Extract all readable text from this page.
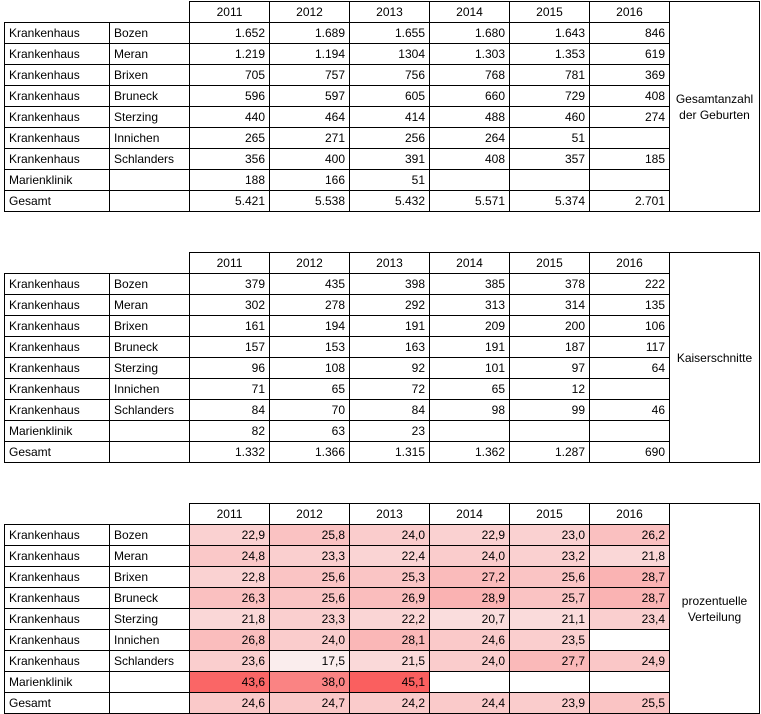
		2011	2012	2013	2014	2015	2016	Gesamtanzahl der Geburten
Krankenhaus	Bozen	1.652	1.689	1.655	1.680	1.643	846	
Krankenhaus	Meran	1.219	1.194	1304	1.303	1.353	619	
Krankenhaus	Brixen	705	757	756	768	781	369	
Krankenhaus	Bruneck	596	597	605	660	729	408	
Krankenhaus	Sterzing	440	464	414	488	460	274	
Krankenhaus	Innichen	265	271	256	264	51		
Krankenhaus	Schlanders	356	400	391	408	357	185	
Marienklinik		188	166	51				
Gesamt		5.421	5.538	5.432	5.571	5.374	2.701	
		2011	2012	2013	2014	2015	2016	Kaiserschnitte
Krankenhaus	Bozen	379	435	398	385	378	222	
Krankenhaus	Meran	302	278	292	313	314	135	
Krankenhaus	Brixen	161	194	191	209	200	106	
Krankenhaus	Bruneck	157	153	163	191	187	117	
Krankenhaus	Sterzing	96	108	92	101	97	64	
Krankenhaus	Innichen	71	65	72	65	12		
Krankenhaus	Schlanders	84	70	84	98	99	46	
Marienklinik		82	63	23				
Gesamt		1.332	1.366	1.315	1.362	1.287	690	
		2011	2012	2013	2014	2015	2016	prozentuelle Verteilung
Krankenhaus	Bozen	22,9	25,8	24,0	22,9	23,0	26,2	
Krankenhaus	Meran	24,8	23,3	22,4	24,0	23,2	21,8	
Krankenhaus	Brixen	22,8	25,6	25,3	27,2	25,6	28,7	
Krankenhaus	Bruneck	26,3	25,6	26,9	28,9	25,7	28,7	
Krankenhaus	Sterzing	21,8	23,3	22,2	20,7	21,1	23,4	
Krankenhaus	Innichen	26,8	24,0	28,1	24,6	23,5		
Krankenhaus	Schlanders	23,6	17,5	21,5	24,0	27,7	24,9	
Marienklinik		43,6	38,0	45,1				
Gesamt		24,6	24,7	24,2	24,4	23,9	25,5	
